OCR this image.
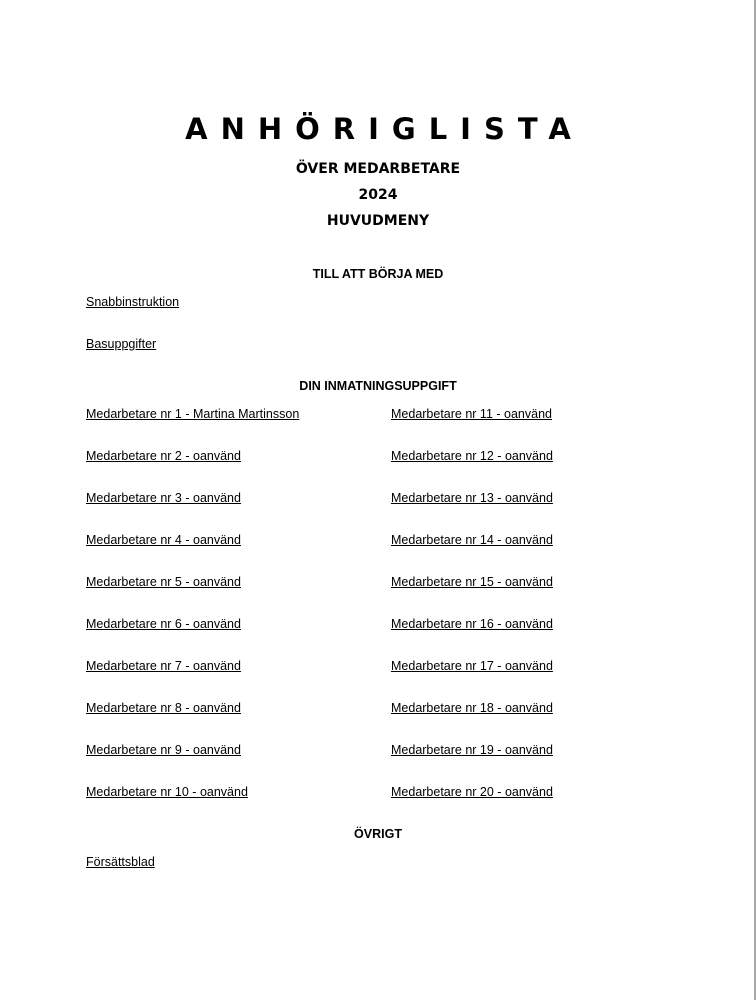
ANHÖRIGLISTA
ÖVER MEDARBETARE
2024
HUVUDMENY
TILL ATT BÖRJA MED
Snabbinstruktion
Basuppgifter
DIN INMATNINGSUPPGIFT
Medarbetare nr 1 - Martina Martinsson
Medarbetare nr 2 - oanvänd
Medarbetare nr 3 - oanvänd
Medarbetare nr 4 - oanvänd
Medarbetare nr 5 - oanvänd
Medarbetare nr 6 - oanvänd
Medarbetare nr 7 - oanvänd
Medarbetare nr 8 - oanvänd
Medarbetare nr 9 - oanvänd
Medarbetare nr 10 - oanvänd
Medarbetare nr 11 - oanvänd
Medarbetare nr 12 - oanvänd
Medarbetare nr 13 - oanvänd
Medarbetare nr 14 - oanvänd
Medarbetare nr 15 - oanvänd
Medarbetare nr 16 - oanvänd
Medarbetare nr 17 - oanvänd
Medarbetare nr 18 - oanvänd
Medarbetare nr 19 - oanvänd
Medarbetare nr 20 - oanvänd
ÖVRIGT
Försättsblad
